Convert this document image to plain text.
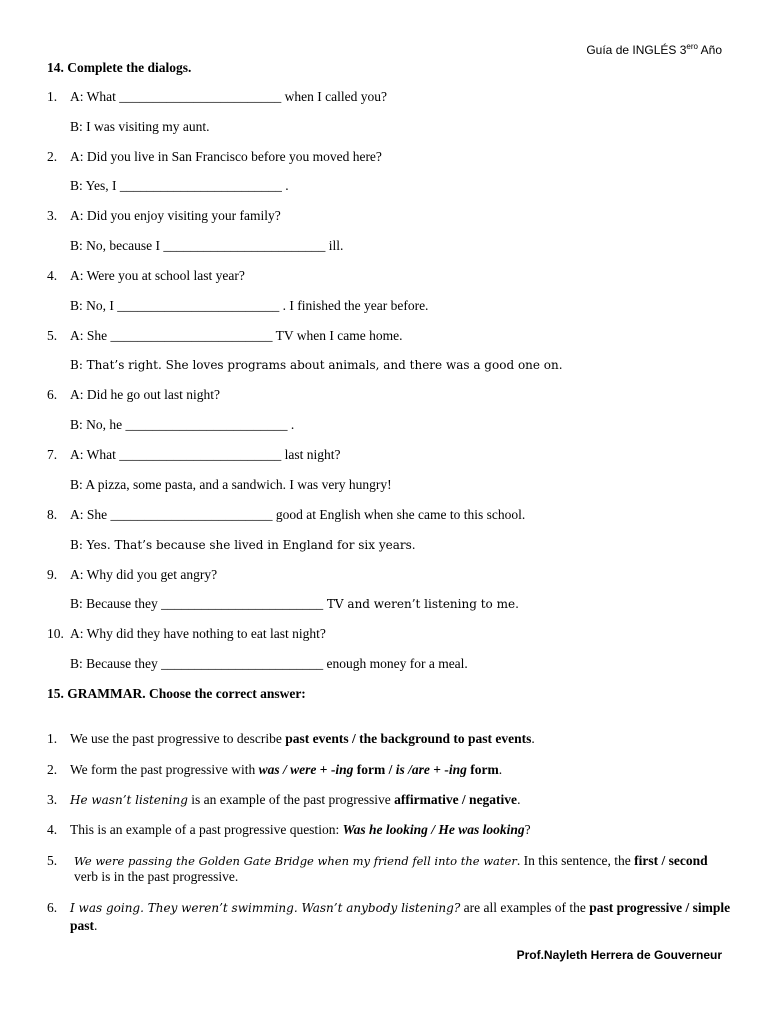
Guía de INGLÉS $3^{ero}$ Año
14. Complete the dialogs.
1. A: What ________________________ when I called you?
B: I was visiting my aunt.
2. A: Did you live in San Francisco before you moved here?
B: Yes, I ________________________ .
3. A: Did you enjoy visiting your family?
B: No, because I ________________________ ill.
4. A: Were you at school last year?
B: No, I ________________________ . I finished the year before.
5. A: She ________________________ TV when I came home.
B: That’s right. She loves programs about animals, and there was a good one on.
6. A: Did he go out last night?
B: No, he ________________________ .
7. A: What ________________________ last night?
B: A pizza, some pasta, and a sandwich. I was very hungry!
8. A: She ________________________ good at English when she came to this school.
B: Yes. That’s because she lived in England for six years.
9. A: Why did you get angry?
B: Because they ________________________ TV and weren’t listening to me.
10. A: Why did they have nothing to eat last night?
B: Because they ________________________ enough money for a meal.
15. GRAMMAR. Choose the correct answer:
1. We use the past progressive to describe past events / the background to past events.
2. We form the past progressive with was / were + -ing form / is /are + -ing form.
3. He wasn’t listening is an example of the past progressive affirmative / negative.
4. This is an example of a past progressive question: Was he looking / He was looking?
5. We were passing the Golden Gate Bridge when my friend fell into the water. In this sentence, the first / second
verb is in the past progressive.
6. I was going. They weren’t swimming. Wasn’t anybody listening? are all examples of the past progressive / simple
past.
Prof.Nayleth Herrera de Gouverneur
